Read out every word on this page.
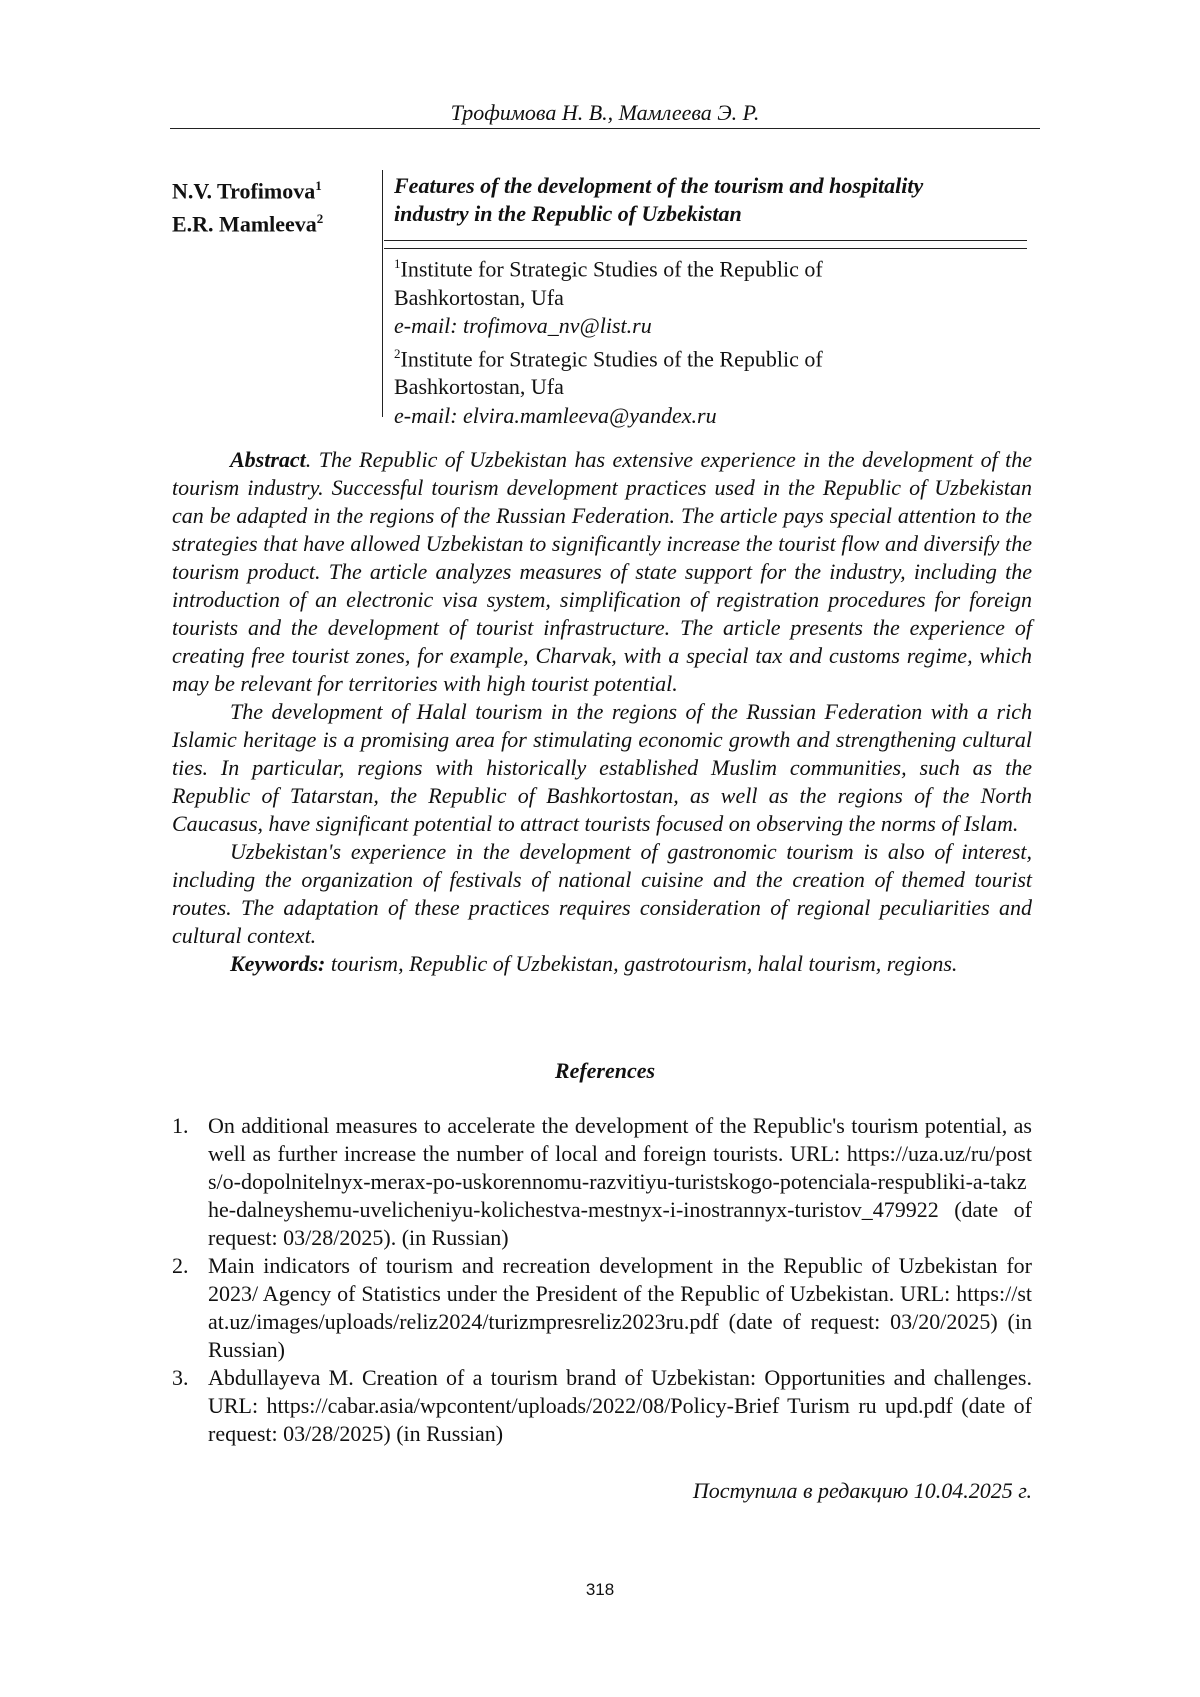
Трофимова Н. В., Мамлеева Э. Р.
N.V. Trofimova$^1$
E.R. Mamleeva$^2$
Features of the development of the tourism and hospitality
industry in the Republic of Uzbekistan
$^1$Institute for Strategic Studies of the Republic of
Bashkortostan, Ufa
e-mail: trofimova_nv@list.ru
$^2$Institute for Strategic Studies of the Republic of
Bashkortostan, Ufa
e-mail: elvira.mamleeva@yandex.ru

Abstract. The Republic of Uzbekistan has extensive experience in the development of the tourism industry. Successful tourism development practices used in the Republic of Uzbekistan can be adapted in the regions of the Russian Federation. The article pays special attention to the strategies that have allowed Uzbekistan to significantly increase the tourist flow and diversify the tourism product. The article analyzes measures of state support for the industry, including the introduction of an electronic visa system, simplification of registration procedures for foreign tourists and the development of tourist infrastructure. The article presents the experience of creating free tourist zones, for example, Charvak, with a special tax and customs regime, which may be relevant for territories with high tourist potential.

The development of Halal tourism in the regions of the Russian Federation with a rich Islamic heritage is a promising area for stimulating economic growth and strengthening cultural ties. In particular, regions with historically established Muslim communities, such as the Republic of Tatarstan, the Republic of Bashkortostan, as well as the regions of the North Caucasus, have significant potential to attract tourists focused on observing the norms of Islam.

Uzbekistan's experience in the development of gastronomic tourism is also of interest, including the organization of festivals of national cuisine and the creation of themed tourist routes. The adaptation of these practices requires consideration of regional peculiarities and cultural context.

Keywords: tourism, Republic of Uzbekistan, gastrotourism, halal tourism, regions.

References
1. On additional measures to accelerate the development of the Republic's tourism potential, as well as further increase the number of local and foreign tourists. URL: https://uza.uz/ru/posts/o-dopolnitelnyx-merax-po-uskorennomu-razvitiyu-turistskogo-potenciala-respubliki-a-takzhe-dalneyshemu-uvelicheniyu-kolichestva-mestnyx-i-inostrannyx-turistov_479922 (date of request: 03/28/2025). (in Russian)
2. Main indicators of tourism and recreation development in the Republic of Uzbekistan for 2023/ Agency of Statistics under the President of the Republic of Uzbekistan. URL: https://stat.uz/images/uploads/reliz2024/turizmpresreliz2023ru.pdf (date of request: 03/20/2025) (in Russian)
3. Abdullayeva M. Creation of a tourism brand of Uzbekistan: Opportunities and challenges. URL: https://cabar.asia/wpcontent/uploads/2022/08/Policy-Brief Turism ru upd.pdf (date of request: 03/28/2025) (in Russian)
Поступила в редакцию 10.04.2025 г.
318
